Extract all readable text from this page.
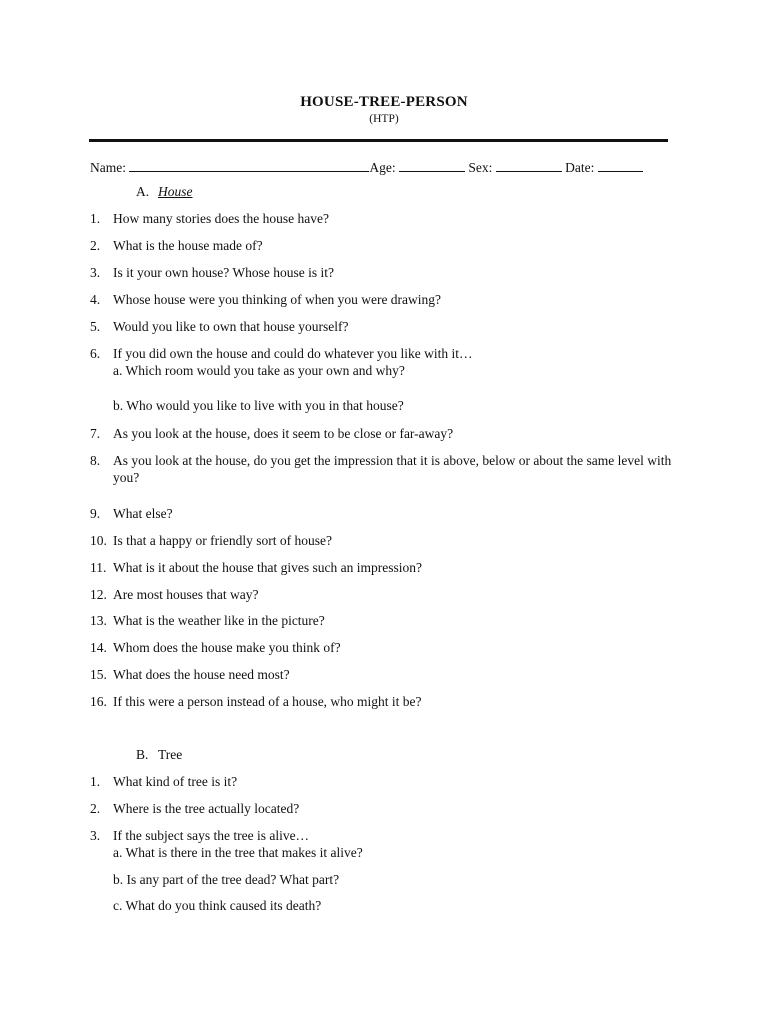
HOUSE-TREE-PERSON
(HTP)
Name:	Age:	Sex:	Date:
A. House
1. How many stories does the house have?
2. What is the house made of?
3. Is it your own house? Whose house is it?
4. Whose house were you thinking of when you were drawing?
5. Would you like to own that house yourself?
6. If you did own the house and could do whatever you like with it…
a. Which room would you take as your own and why?
b. Who would you like to live with you in that house?
7. As you look at the house, does it seem to be close or far-away?
8. As you look at the house, do you get the impression that it is above, below or about the same level with you?
9. What else?
10. Is that a happy or friendly sort of house?
11. What is it about the house that gives such an impression?
12. Are most houses that way?
13. What is the weather like in the picture?
14. Whom does the house make you think of?
15. What does the house need most?
16. If this were a person instead of a house, who might it be?
B. Tree
1. What kind of tree is it?
2. Where is the tree actually located?
3. If the subject says the tree is alive…
a. What is there in the tree that makes it alive?
b. Is any part of the tree dead? What part?
c. What do you think caused its death?
